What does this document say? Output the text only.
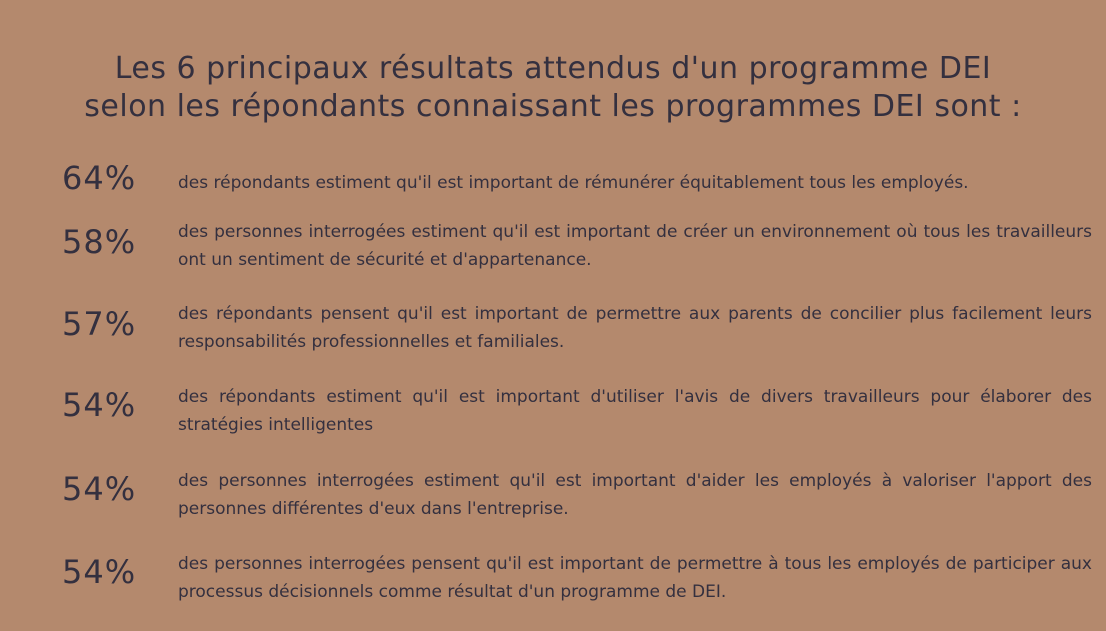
Les 6 principaux résultats attendus d'un programme DEI
selon les répondants connaissant les programmes DEI sont :
64%	des répondants estiment qu'il est important de rémunérer équitablement tous les employés.
58%	des personnes interrogées estiment qu'il est important de créer un environnement où tous les travailleurs ont un sentiment de sécurité et d'appartenance.
57%	des répondants pensent qu'il est important de permettre aux parents de concilier plus facilement leurs responsabilités professionnelles et familiales.
54%	des répondants estiment qu'il est important d'utiliser l'avis de divers travailleurs pour élaborer des stratégies intelligentes
54%	des personnes interrogées estiment qu'il est important d'aider les employés à valoriser l'apport des personnes différentes d'eux dans l'entreprise.
54%	des personnes interrogées pensent qu'il est important de permettre à tous les employés de participer aux processus décisionnels comme résultat d'un programme de DEI.
